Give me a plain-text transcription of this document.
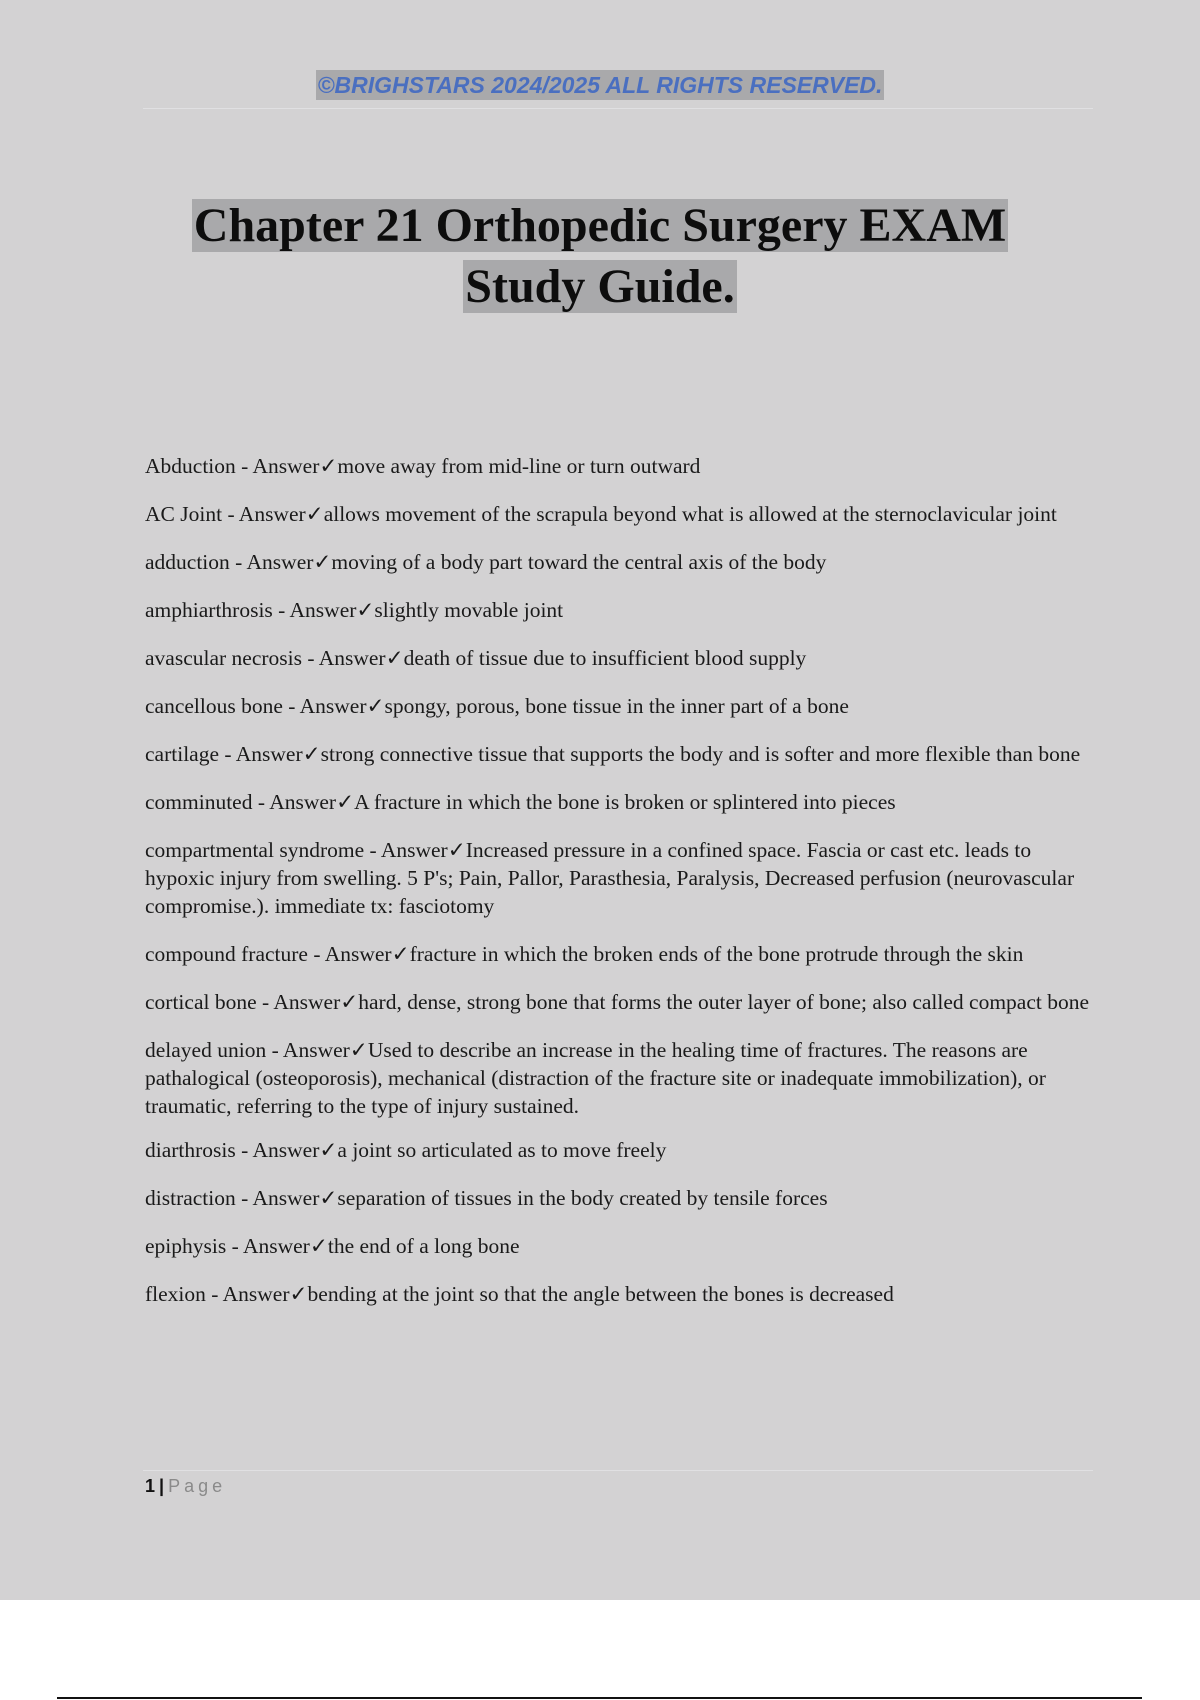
©BRIGHSTARS 2024/2025 ALL RIGHTS RESERVED.
Chapter 21 Orthopedic Surgery EXAM
Study Guide.

Abduction - Answer✓move away from mid-line or turn outward

AC Joint - Answer✓allows movement of the scrapula beyond what is allowed at the sternoclavicular joint

adduction - Answer✓moving of a body part toward the central axis of the body

amphiarthrosis - Answer✓slightly movable joint

avascular necrosis - Answer✓death of tissue due to insufficient blood supply

cancellous bone - Answer✓spongy, porous, bone tissue in the inner part of a bone

cartilage - Answer✓strong connective tissue that supports the body and is softer and more flexible than bone

comminuted - Answer✓A fracture in which the bone is broken or splintered into pieces

compartmental syndrome - Answer✓Increased pressure in a confined space. Fascia or cast etc. leads to hypoxic injury from swelling. 5 P's; Pain, Pallor, Parasthesia, Paralysis, Decreased perfusion (neurovascular compromise.). immediate tx: fasciotomy

compound fracture - Answer✓fracture in which the broken ends of the bone protrude through the skin

cortical bone - Answer✓hard, dense, strong bone that forms the outer layer of bone; also called compact bone

delayed union - Answer✓Used to describe an increase in the healing time of fractures. The reasons are pathalogical (osteoporosis), mechanical (distraction of the fracture site or inadequate immobilization), or traumatic, referring to the type of injury sustained.

diarthrosis - Answer✓a joint so articulated as to move freely

distraction - Answer✓separation of tissues in the body created by tensile forces

epiphysis - Answer✓the end of a long bone

flexion - Answer✓bending at the joint so that the angle between the bones is decreased

1 | Page
